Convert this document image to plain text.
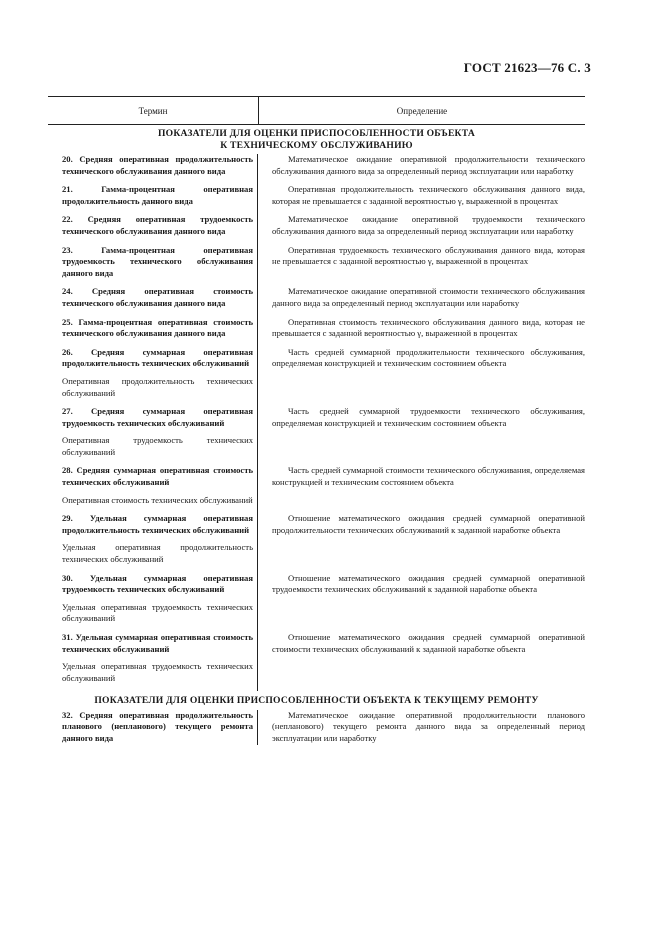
ГОСТ 21623—76 С. 3
Термин	Определение
ПОКАЗАТЕЛИ ДЛЯ ОЦЕНКИ ПРИСПОСОБЛЕННОСТИ ОБЪЕКТА
К ТЕХНИЧЕСКОМУ ОБСЛУЖИВАНИЮ

20. Средняя оперативная продолжительность технического обслуживания данного вида

Математическое ожидание оперативной продолжительности технического обслуживания данного вида за определенный период эксплуатации или наработку

21. Гамма-процентная оперативная продолжительность данного вида

Оперативная продолжительность технического обслуживания данного вида, которая не превышается с заданной вероятностью γ, выраженной в процентах

22. Средняя оперативная трудоемкость технического обслуживания данного вида

Математическое ожидание оперативной трудоемкости технического обслуживания данного вида за определенный период эксплуатации или наработку

23. Гамма-процентная оперативная трудоемкость технического обслуживания данного вида

Оперативная трудоемкость технического обслуживания данного вида, которая не превышается с заданной вероятностью γ, выраженной в процентах

24. Средняя оперативная стоимость технического обслуживания данного вида

Математическое ожидание оперативной стоимости технического обслуживания данного вида за определенный период эксплуатации или наработку

25. Гамма-процентная оперативная стоимость технического обслуживания данного вида

Оперативная стоимость технического обслуживания данного вида, которая не превышается с заданной вероятностью γ, выраженной в процентах

26. Средняя суммарная оперативная продолжительность технических обслуживаний

Оперативная продолжительность технических обслуживаний

Часть средней суммарной продолжительности технического обслуживания, определяемая конструкцией и техническим состоянием объекта

27. Средняя суммарная оперативная трудоемкость технических обслуживаний

Оперативная трудоемкость технических обслуживаний

Часть средней суммарной трудоемкости технического обслуживания, определяемая конструкцией и техническим состоянием объекта

28. Средняя суммарная оперативная стоимость технических обслуживаний

Оперативная стоимость технических обслуживаний

Часть средней суммарной стоимости технического обслуживания, определяемая конструкцией и техническим состоянием объекта

29. Удельная суммарная оперативная продолжительность технических обслуживаний

Удельная оперативная продолжительность технических обслуживаний

Отношение математического ожидания средней суммарной оперативной продолжительности технических обслуживаний к заданной наработке объекта

30. Удельная суммарная оперативная трудоемкость технических обслуживаний

Удельная оперативная трудоемкость технических обслуживаний

Отношение математического ожидания средней суммарной оперативной трудоемкости технических обслуживаний к заданной наработке объекта

31. Удельная суммарная оперативная стоимость технических обслуживаний

Удельная оперативная трудоемкость технических обслуживаний

Отношение математического ожидания средней суммарной оперативной стоимости технических обслуживаний к заданной наработке объекта

ПОКАЗАТЕЛИ ДЛЯ ОЦЕНКИ ПРИСПОСОБЛЕННОСТИ ОБЪЕКТА К ТЕКУЩЕМУ РЕМОНТУ

32. Средняя оперативная продолжительность планового (непланового) текущего ремонта данного вида

Математическое ожидание оперативной продолжительности планового (непланового) текущего ремонта данного вида за определенный период эксплуатации или наработку
